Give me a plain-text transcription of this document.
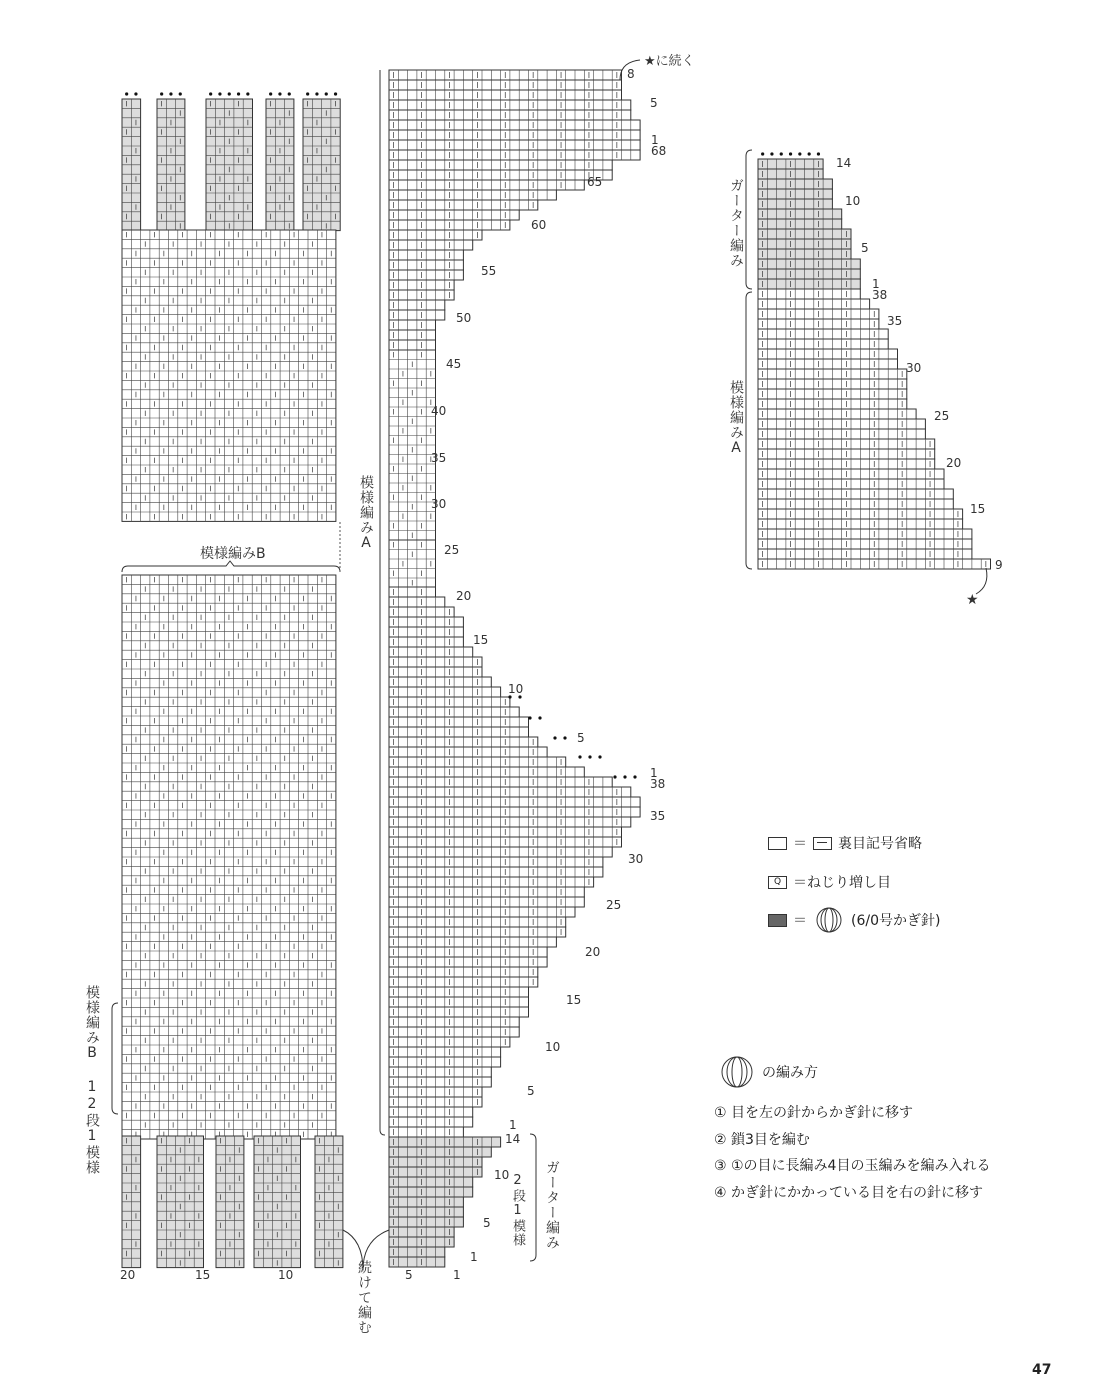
20	15	10
模様編みB
模様編みB 12段1模様
続けて編む
模様編みA
ガーター編み
2段1模様
5	1
★に続く
8
5
1
68
65
60
55
50
45
40
35
30
25
20
15
10
5
1
38
35
30
25
20
15
10
5
1
14
10
5
1
ガーター編み
模様編みA
14
10
5
1
38
35
30
25
20
15
9
★
＝ 裏目記号省略
Q ＝ねじり増し目
＝	(6/0号かぎ針)
の編み方
① 目を左の針からかぎ針に移す
② 鎖3目を編む
③ ①の目に長編み4目の玉編みを編み入れる
④ かぎ針にかかっている目を右の針に移す
47
